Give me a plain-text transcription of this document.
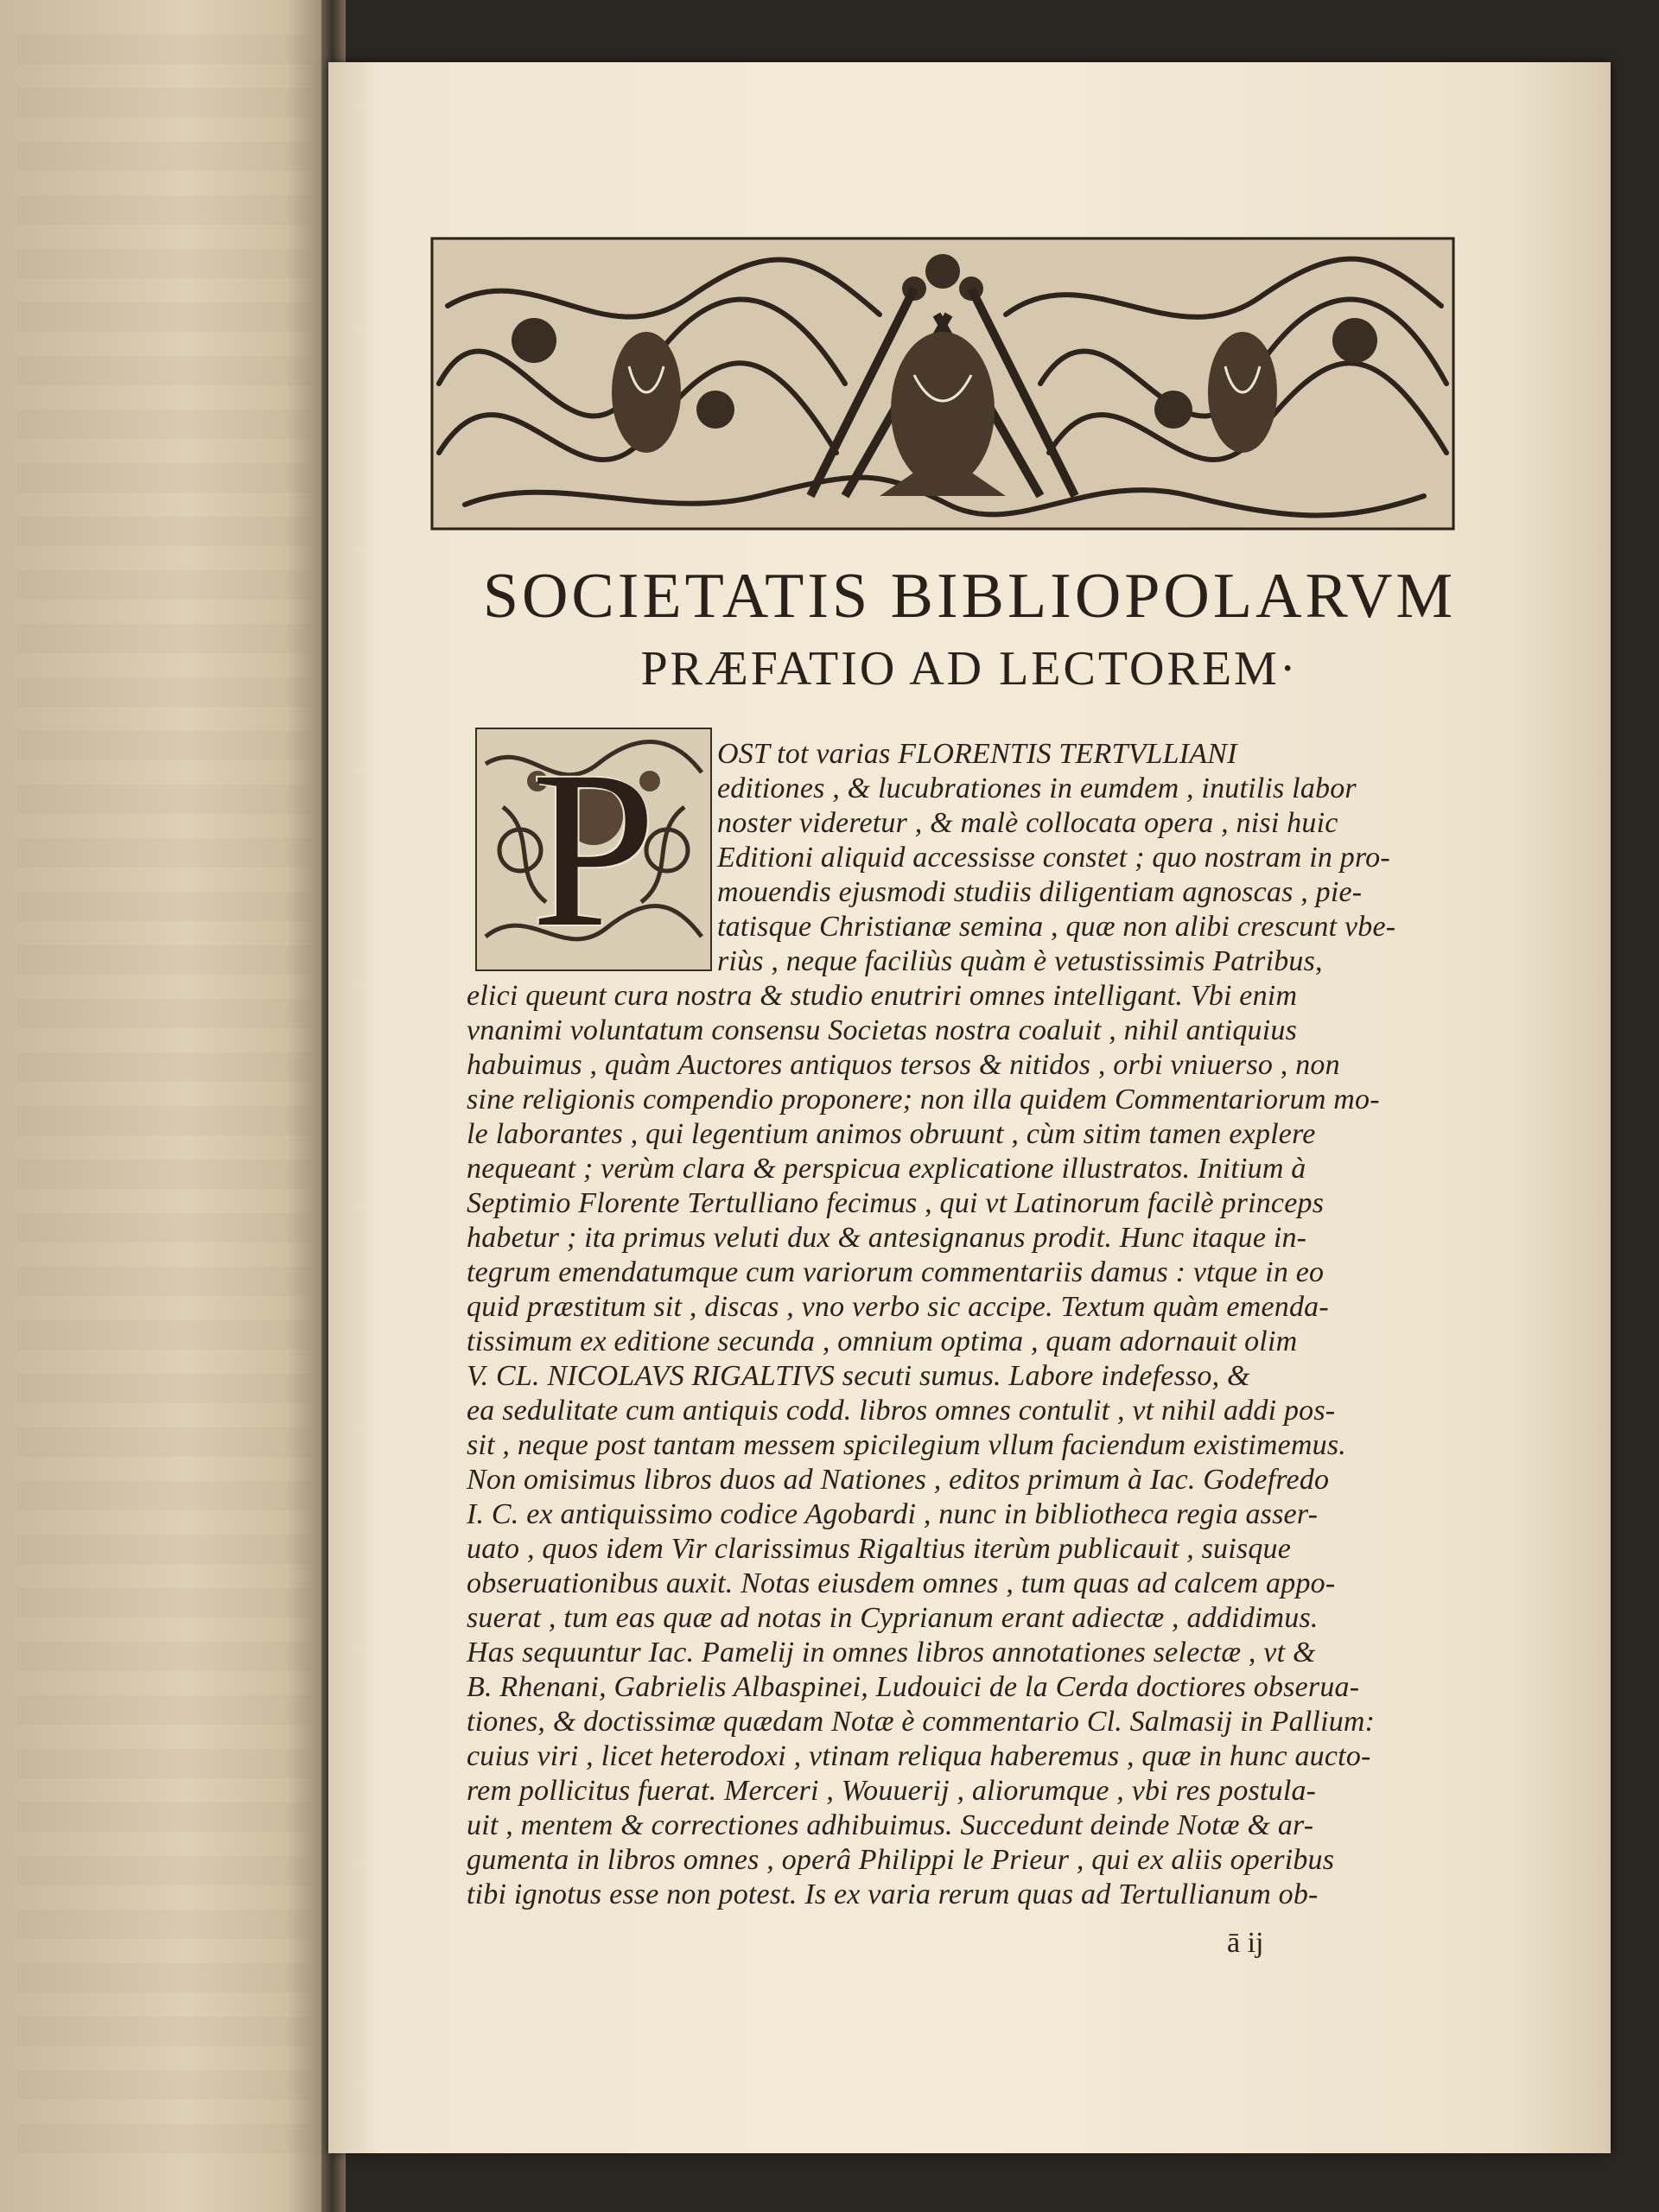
SOCIETATIS BIBLIOPOLARVM
PRÆFATIO AD LECTOREM·
P	OST tot varias FLORENTIS TERTVLLIANI
editiones , & lucubrationes in eumdem , inutilis labor
noster videretur , & malè collocata opera , nisi huic
Editioni aliquid accessisse constet ; quo nostram in pro-
mouendis ejusmodi studiis diligentiam agnoscas , pie-
tatisque Christianæ semina , quæ non alibi crescunt vbe-
riùs , neque faciliùs quàm è vetustissimis Patribus,
elici queunt cura nostra & studio enutriri omnes intelligant. Vbi enim
vnanimi voluntatum consensu Societas nostra coaluit , nihil antiquius
habuimus , quàm Auctores antiquos tersos & nitidos , orbi vniuerso , non
sine religionis compendio proponere; non illa quidem Commentariorum mo-
le laborantes , qui legentium animos obruunt , cùm sitim tamen explere
nequeant ; verùm clara & perspicua explicatione illustratos. Initium à
Septimio Florente Tertulliano fecimus , qui vt Latinorum facilè princeps
habetur ; ita primus veluti dux & antesignanus prodit. Hunc itaque in-
tegrum emendatumque cum variorum commentariis damus : vtque in eo
quid præstitum sit , discas , vno verbo sic accipe. Textum quàm emenda-
tissimum ex editione secunda , omnium optima , quam adornauit olim
V. CL. NICOLAVS RIGALTIVS secuti sumus. Labore indefesso, &
ea sedulitate cum antiquis codd. libros omnes contulit , vt nihil addi pos-
sit , neque post tantam messem spicilegium vllum faciendum existimemus.
Non omisimus libros duos ad Nationes , editos primum à Iac. Godefredo
I. C. ex antiquissimo codice Agobardi , nunc in bibliotheca regia asser-
uato , quos idem Vir clarissimus Rigaltius iterùm publicauit , suisque
obseruationibus auxit. Notas eiusdem omnes , tum quas ad calcem appo-
suerat , tum eas quæ ad notas in Cyprianum erant adiectæ , addidimus.
Has sequuntur Iac. Pamelij in omnes libros annotationes selectæ , vt &
B. Rhenani, Gabrielis Albaspinei, Ludouici de la Cerda doctiores obserua-
tiones, & doctissimæ quædam Notæ è commentario Cl. Salmasij in Pallium:
cuius viri , licet heterodoxi , vtinam reliqua haberemus , quæ in hunc aucto-
rem pollicitus fuerat. Merceri , Wouuerij , aliorumque , vbi res postula-
uit , mentem & correctiones adhibuimus. Succedunt deinde Notæ & ar-
gumenta in libros omnes , operâ Philippi le Prieur , qui ex aliis operibus
tibi ignotus esse non potest. Is ex varia rerum quas ad Tertullianum ob-
ā ij
